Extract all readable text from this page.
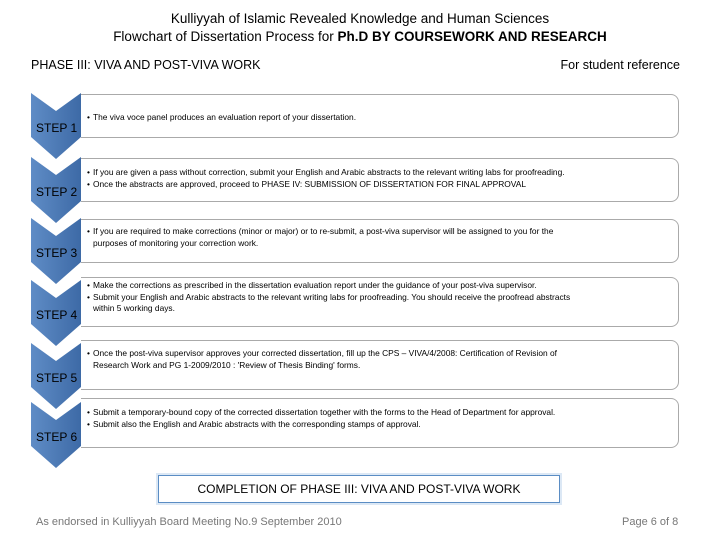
Kulliyyah of Islamic Revealed Knowledge and Human Sciences
Flowchart of Dissertation Process for Ph.D BY COURSEWORK AND RESEARCH
PHASE III: VIVA AND POST-VIVA WORK	For student reference
STEP 1
• The viva voce panel produces an evaluation report of your dissertation.
STEP 2
• If you are given a pass without correction, submit your English and Arabic abstracts to the relevant writing labs for proofreading.
• Once the abstracts are approved, proceed to PHASE IV: SUBMISSION OF DISSERTATION FOR FINAL APPROVAL
STEP 3
• If you are required to make corrections (minor or major) or to re-submit, a post-viva supervisor will be assigned to you for the
purposes of monitoring your correction work.
STEP 4
• Make the corrections as prescribed in the dissertation evaluation report under the guidance of your post-viva supervisor.
• Submit your English and Arabic abstracts to the relevant writing labs for proofreading. You should receive the proofread abstracts
within 5 working days.
STEP 5
• Once the post-viva supervisor approves your corrected dissertation, fill up the CPS – VIVA/4/2008: Certification of Revision of
Research Work and PG 1-2009/2010 : 'Review of Thesis Binding' forms.
STEP 6
• Submit a temporary-bound copy of the corrected dissertation together with the forms to the Head of Department for approval.
• Submit also the English and Arabic abstracts with the corresponding stamps of approval.
COMPLETION OF PHASE III: VIVA AND POST-VIVA WORK
As endorsed in Kulliyyah Board Meeting No.9 September 2010	Page 6 of 8
